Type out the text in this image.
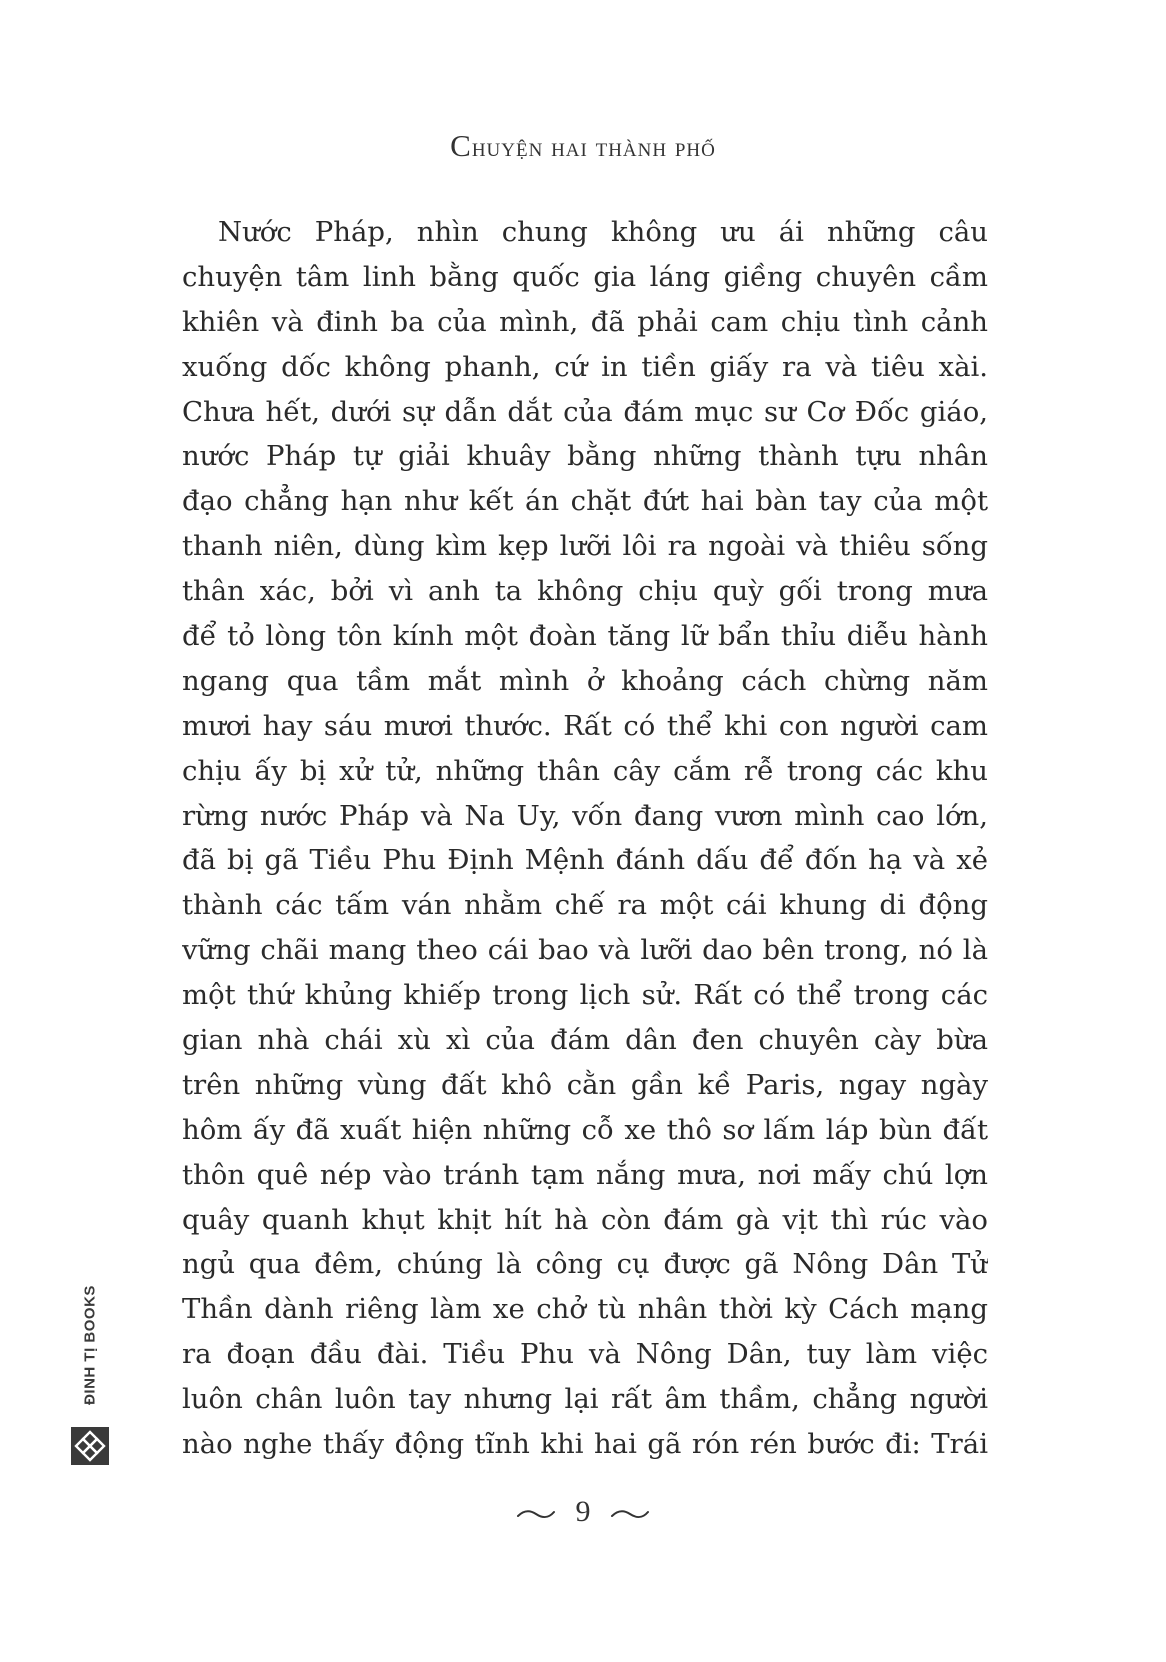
Chuyện hai thành phố
Nước Pháp, nhìn chung không ưu ái những câu
chuyện tâm linh bằng quốc gia láng giềng chuyên cầm
khiên và đinh ba của mình, đã phải cam chịu tình cảnh
xuống dốc không phanh, cứ in tiền giấy ra và tiêu xài.
Chưa hết, dưới sự dẫn dắt của đám mục sư Cơ Đốc giáo,
nước Pháp tự giải khuây bằng những thành tựu nhân
đạo chẳng hạn như kết án chặt đứt hai bàn tay của một
thanh niên, dùng kìm kẹp lưỡi lôi ra ngoài và thiêu sống
thân xác, bởi vì anh ta không chịu quỳ gối trong mưa
để tỏ lòng tôn kính một đoàn tăng lữ bẩn thỉu diễu hành
ngang qua tầm mắt mình ở khoảng cách chừng năm
mươi hay sáu mươi thước. Rất có thể khi con người cam
chịu ấy bị xử tử, những thân cây cắm rễ trong các khu
rừng nước Pháp và Na Uy, vốn đang vươn mình cao lớn,
đã bị gã Tiều Phu Định Mệnh đánh dấu để đốn hạ và xẻ
thành các tấm ván nhằm chế ra một cái khung di động
vững chãi mang theo cái bao và lưỡi dao bên trong, nó là
một thứ khủng khiếp trong lịch sử. Rất có thể trong các
gian nhà chái xù xì của đám dân đen chuyên cày bừa
trên những vùng đất khô cằn gần kề Paris, ngay ngày
hôm ấy đã xuất hiện những cỗ xe thô sơ lấm láp bùn đất
thôn quê nép vào tránh tạm nắng mưa, nơi mấy chú lợn
quây quanh khụt khịt hít hà còn đám gà vịt thì rúc vào
ngủ qua đêm, chúng là công cụ được gã Nông Dân Tử
Thần dành riêng làm xe chở tù nhân thời kỳ Cách mạng
ra đoạn đầu đài. Tiều Phu và Nông Dân, tuy làm việc
luôn chân luôn tay nhưng lại rất âm thầm, chẳng người
nào nghe thấy động tĩnh khi hai gã rón rén bước đi: Trái
9
ĐINH TỊ BOOKS
